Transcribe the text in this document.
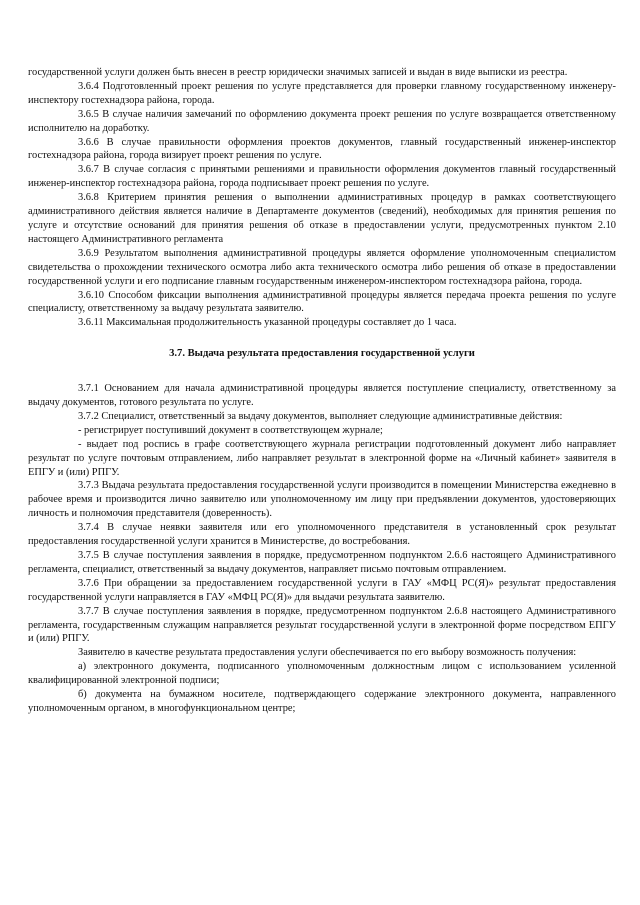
государственной услуги должен быть внесен в реестр юридически значимых записей и выдан в виде выписки из реестра.

3.6.4 Подготовленный проект решения по услуге представляется для проверки главному государственному инженеру-инспектору гостехнадзора района, города.

3.6.5 В случае наличия замечаний по оформлению документа проект решения по услуге возвращается ответственному исполнителю на доработку.

3.6.6 В случае правильности оформления проектов документов, главный государственный инженер-инспектор гостехнадзора района, города визирует проект решения по услуге.

3.6.7 В случае согласия с принятыми решениями и правильности оформления документов главный государственный инженер-инспектор гостехнадзора района, города подписывает проект решения по услуге.

3.6.8 Критерием принятия решения о выполнении административных процедур в рамках соответствующего административного действия является наличие в Департаменте документов (сведений), необходимых для принятия решения по услуге и отсутствие оснований для принятия решения об отказе в предоставлении услуги, предусмотренных пунктом 2.10 настоящего Административного регламента

3.6.9 Результатом выполнения административной процедуры является оформление уполномоченным специалистом свидетельства о прохождении технического осмотра либо акта технического осмотра либо решения об отказе в предоставлении государственной услуги и его подписание главным государственным инженером-инспектором гостехнадзора района, города.

3.6.10 Способом фиксации выполнения административной процедуры является передача проекта решения по услуге специалисту, ответственному за выдачу результата заявителю.

3.6.11 Максимальная продолжительность указанной процедуры составляет до 1 часа.

3.7. Выдача результата предоставления государственной услуги

3.7.1 Основанием для начала административной процедуры является поступление специалисту, ответственному за выдачу документов, готового результата по услуге.

3.7.2 Специалист, ответственный за выдачу документов, выполняет следующие административные действия:

- регистрирует поступивший документ в соответствующем журнале;

- выдает под роспись в графе соответствующего журнала регистрации подготовленный документ либо направляет результат по услуге почтовым отправлением, либо направляет результат в электронной форме на «Личный кабинет» заявителя в ЕПГУ и (или) РПГУ.

3.7.3 Выдача результата предоставления государственной услуги производится в помещении Министерства ежедневно в рабочее время и производится лично заявителю или уполномоченному им лицу при предъявлении документов, удостоверяющих личность и полномочия представителя (доверенность).

3.7.4 В случае неявки заявителя или его уполномоченного представителя в установленный срок результат предоставления государственной услуги хранится в Министерстве, до востребования.

3.7.5 В случае поступления заявления в порядке, предусмотренном подпунктом 2.6.6 настоящего Административного регламента, специалист, ответственный за выдачу документов, направляет письмо почтовым отправлением.

3.7.6 При обращении за предоставлением государственной услуги в ГАУ «МФЦ РС(Я)» результат предоставления государственной услуги направляется в ГАУ «МФЦ РС(Я)» для выдачи результата заявителю.

3.7.7 В случае поступления заявления в порядке, предусмотренном подпунктом 2.6.8 настоящего Административного регламента, государственным служащим направляется результат государственной услуги в электронной форме посредством ЕПГУ и (или) РПГУ.

Заявителю в качестве результата предоставления услуги обеспечивается по его выбору возможность получения:

а) электронного документа, подписанного уполномоченным должностным лицом с использованием усиленной квалифицированной электронной подписи;

б) документа на бумажном носителе, подтверждающего содержание электронного документа, направленного уполномоченным органом, в многофункциональном центре;
